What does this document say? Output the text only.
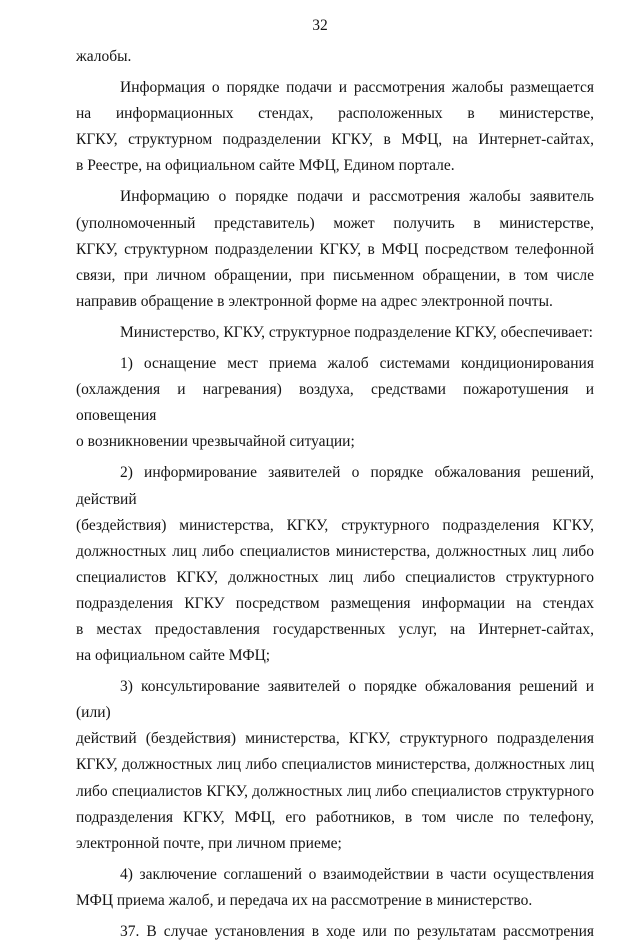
32

жалобы.

Информация о порядке подачи и рассмотрения жалобы размещается

на информационных стендах, расположенных в министерстве,

КГКУ, структурном подразделении КГКУ, в МФЦ, на Интернет-сайтах,

в Реестре, на официальном сайте МФЦ, Едином портале.

Информацию о порядке подачи и рассмотрения жалобы заявитель

(уполномоченный представитель) может получить в министерстве,

КГКУ, структурном подразделении КГКУ, в МФЦ посредством телефонной

связи, при личном обращении, при письменном обращении, в том числе

направив обращение в электронной форме на адрес электронной почты.

Министерство, КГКУ, структурное подразделение КГКУ, обеспечивает:

1) оснащение мест приема жалоб системами кондиционирования

(охлаждения и нагревания) воздуха, средствами пожаротушения и оповещения

о возникновении чрезвычайной ситуации;

2) информирование заявителей о порядке обжалования решений, действий

(бездействия) министерства, КГКУ, структурного подразделения КГКУ,

должностных лиц либо специалистов министерства, должностных лиц либо

специалистов КГКУ, должностных лиц либо специалистов структурного

подразделения КГКУ посредством размещения информации на стендах

в местах предоставления государственных услуг, на Интернет-сайтах,

на официальном сайте МФЦ;

3) консультирование заявителей о порядке обжалования решений и (или)

действий (бездействия) министерства, КГКУ, структурного подразделения

КГКУ, должностных лиц либо специалистов министерства, должностных лиц

либо специалистов КГКУ, должностных лиц либо специалистов структурного

подразделения КГКУ, МФЦ, его работников, в том числе по телефону,

электронной почте, при личном приеме;

4) заключение соглашений о взаимодействии в части осуществления

МФЦ приема жалоб, и передача их на рассмотрение в министерство.

37. В случае установления в ходе или по результатам рассмотрения
